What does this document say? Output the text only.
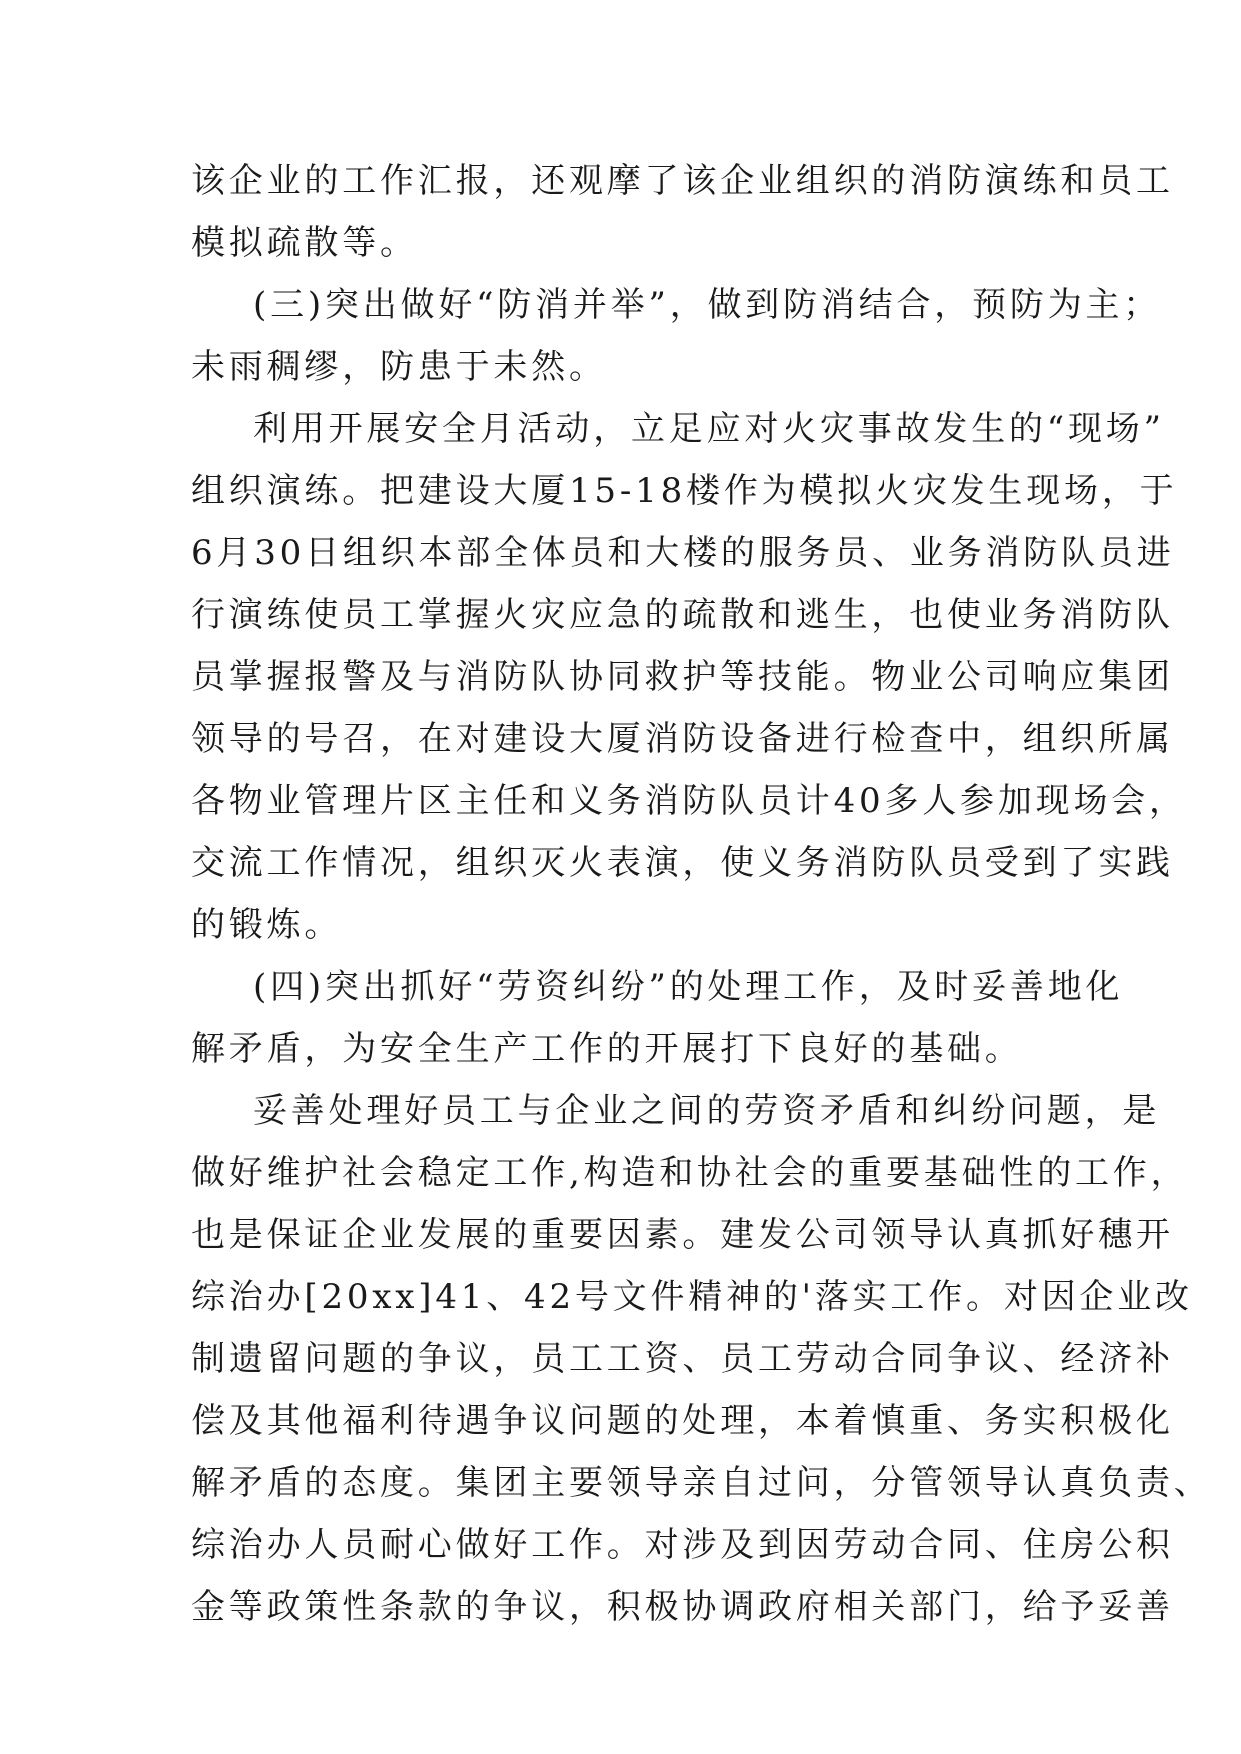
该企业的工作汇报，还观摩了该企业组织的消防演练和员工
模拟疏散等。
(三)突出做好“防消并举”，做到防消结合，预防为主；
未雨稠缪，防患于未然。
利用开展安全月活动，立足应对火灾事故发生的“现场”
组织演练。把建设大厦15-18楼作为模拟火灾发生现场，于
6月30日组织本部全体员和大楼的服务员、业务消防队员进
行演练使员工掌握火灾应急的疏散和逃生，也使业务消防队
员掌握报警及与消防队协同救护等技能。物业公司响应集团
领导的号召，在对建设大厦消防设备进行检查中，组织所属
各物业管理片区主任和义务消防队员计40多人参加现场会，
交流工作情况，组织灭火表演，使义务消防队员受到了实践
的锻炼。
(四)突出抓好“劳资纠纷”的处理工作，及时妥善地化
解矛盾，为安全生产工作的开展打下良好的基础。
妥善处理好员工与企业之间的劳资矛盾和纠纷问题，是
做好维护社会稳定工作,构造和协社会的重要基础性的工作，
也是保证企业发展的重要因素。建发公司领导认真抓好穗开
综治办[20xx]41、42号文件精神的'落实工作。对因企业改
制遗留问题的争议，员工工资、员工劳动合同争议、经济补
偿及其他福利待遇争议问题的处理，本着慎重、务实积极化
解矛盾的态度。集团主要领导亲自过问，分管领导认真负责、
综治办人员耐心做好工作。对涉及到因劳动合同、住房公积
金等政策性条款的争议，积极协调政府相关部门，给予妥善
